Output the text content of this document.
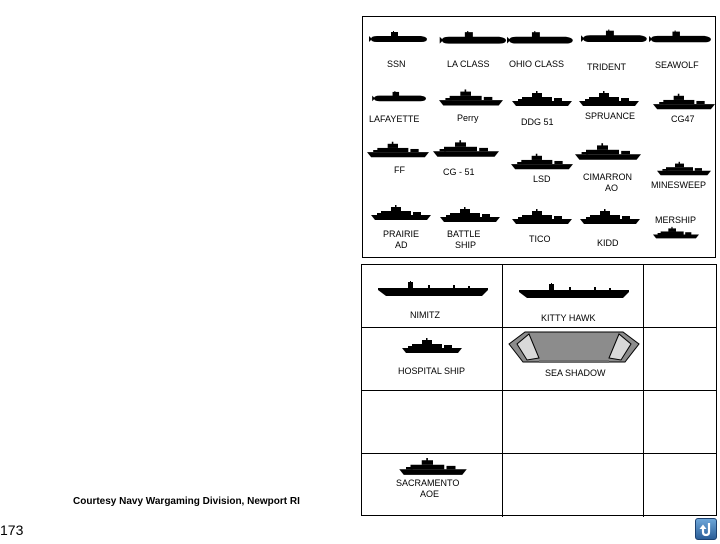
SSN	LA CLASS OHIO CLASS	TRIDENT	SEAWOLF
LAFAYETTE	Perry	DDG 51
SPRUANCE	CG47
FF	CG - 51
LSD	CIMARRON
AO	MINESWEEP
PRAIRIE
AD
BATTLE
SHIP
TICO	KIDD
MERSHIP
NIMITZ	KITTY HAWK
HOSPITAL SHIP	SEA SHADOW
SACRAMENTO
AOE
Courtesy Navy Wargaming Division, Newport RI
173
